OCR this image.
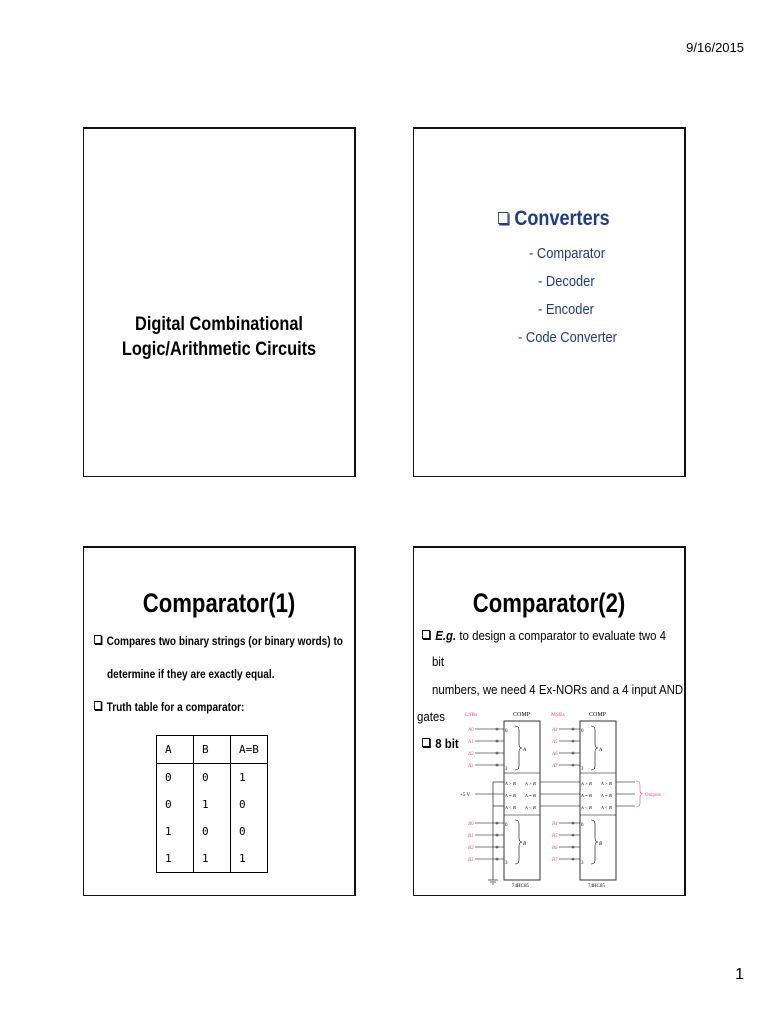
9/16/2015
Digital Combinational
Logic/Arithmetic Circuits
Converters
- Comparator
- Decoder
- Encoder
- Code Converter
Comparator(1)
Compares two binary strings (or binary words) to
determine if they are exactly equal.
Truth table for a comparator:
A	B	A=B
0	0	1
0	1	0
1	0	0
1	1	1
Comparator(2)
E.g. to design a comparator to evaluate two 4
bit
numbers, we need 4 Ex-NORs and a 4 input AND
gates
8 bit
COMP
0
3
0
3
A
B
A > B
A = B
A < B
A > B
A = B
A < B
74HC85
LSBs
A0
A1
A2
A3
B0
B1
B2
B3
+5 V
COMP
0
3
0
3
A
B
A > B
A = B
A < B
A > B
A = B
A < B
74HC85
MSBs
A4
A5
A6
A7
B4
B5
B6
B7
Outputs
1
